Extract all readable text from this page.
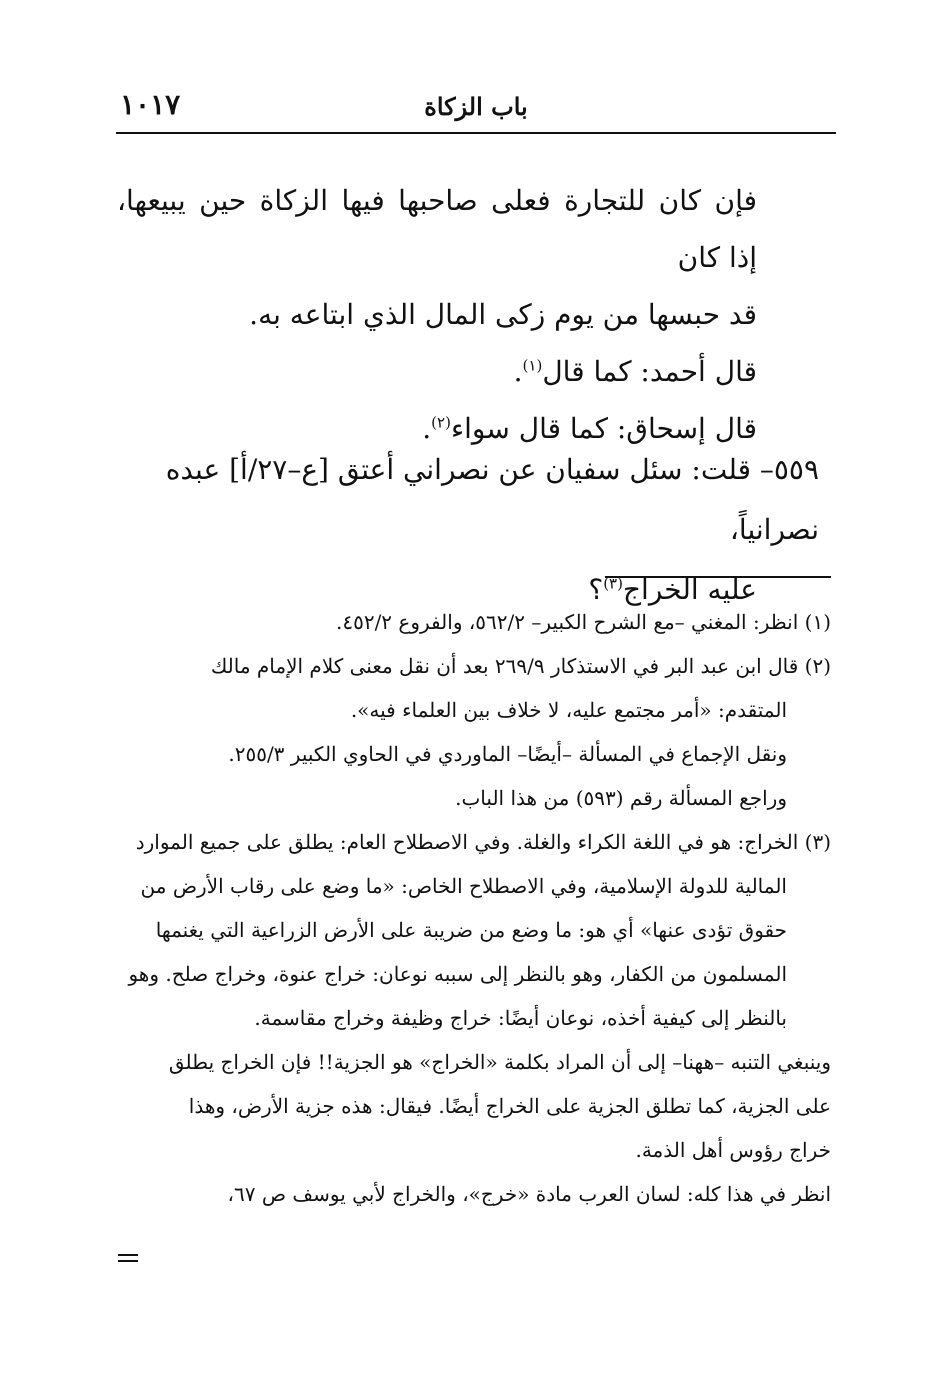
١٠١٧	باب الزكاة

فإن كان للتجارة فعلى صاحبها فيها الزكاة حين يبيعها، إذا كان

قد حبسها من يوم زكى المال الذي ابتاعه به.

قال أحمد: كما قال$^{(١)}$.

قال إسحاق: كما قال سواء$^{(٢)}$.

٥٥٩– قلت: سئل سفيان عن نصراني أعتق [ع–٢٧/أ] عبده نصرانياً،

عليه الخراج$^{(٣)}$؟

(١) انظر: المغني –مع الشرح الكبير– ٥٦٢/٢، والفروع ٤٥٢/٢.

(٢) قال ابن عبد البر في الاستذكار ٢٦٩/٩ بعد أن نقل معنى كلام الإمام مالك

المتقدم: «أمر مجتمع عليه، لا خلاف بين العلماء فيه».

ونقل الإجماع في المسألة –أيضًا– الماوردي في الحاوي الكبير ٢٥٥/٣.

وراجع المسألة رقم (٥٩٣) من هذا الباب.

(٣) الخراج: هو في اللغة الكراء والغلة. وفي الاصطلاح العام: يطلق على جميع الموارد

المالية للدولة الإسلامية، وفي الاصطلاح الخاص: «ما وضع على رقاب الأرض من

حقوق تؤدى عنها» أي هو: ما وضع من ضريبة على الأرض الزراعية التي يغنمها

المسلمون من الكفار، وهو بالنظر إلى سببه نوعان: خراج عنوة، وخراج صلح. وهو

بالنظر إلى كيفية أخذه، نوعان أيضًا: خراج وظيفة وخراج مقاسمة.

وينبغي التنبه –ههنا– إلى أن المراد بكلمة «الخراج» هو الجزية!! فإن الخراج يطلق

على الجزية، كما تطلق الجزية على الخراج أيضًا. فيقال: هذه جزية الأرض، وهذا

خراج رؤوس أهل الذمة.

انظر في هذا كله: لسان العرب مادة «خرج»، والخراج لأبي يوسف ص ٦٧،
